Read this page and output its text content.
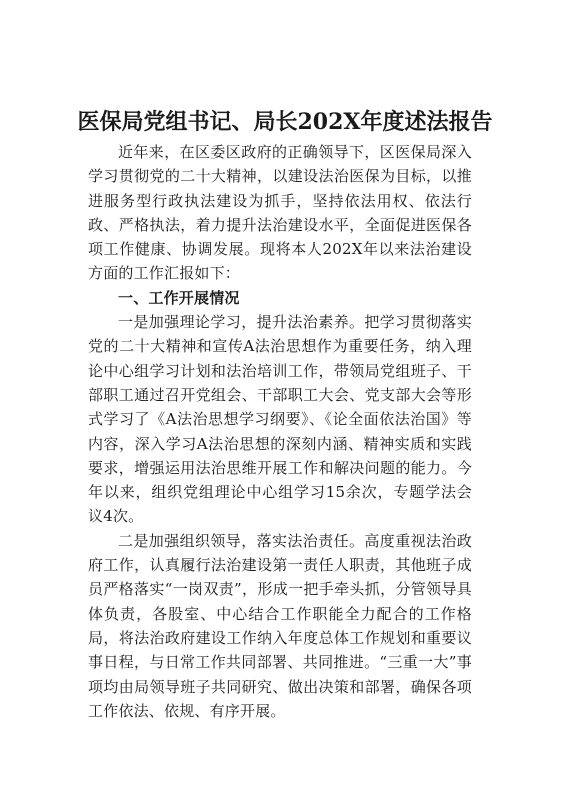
医保局党组书记、局长202X年度述法报告

近年来，在区委区政府的正确领导下，区医保局深入学习贯彻党的二十大精神，以建设法治医保为目标，以推进服务型行政执法建设为抓手，坚持依法用权、依法行政、严格执法，着力提升法治建设水平，全面促进医保各项工作健康、协调发展。现将本人202X年以来法治建设方面的工作汇报如下：

一、工作开展情况

一是加强理论学习，提升法治素养。把学习贯彻落实党的二十大精神和宣传A法治思想作为重要任务，纳入理论中心组学习计划和法治培训工作，带领局党组班子、干部职工通过召开党组会、干部职工大会、党支部大会等形式学习了《A法治思想学习纲要》、《论全面依法治国》等内容，深入学习A法治思想的深刻内涵、精神实质和实践要求，增强运用法治思维开展工作和解决问题的能力。今年以来，组织党组理论中心组学习15余次，专题学法会议4次。

二是加强组织领导，落实法治责任。高度重视法治政府工作，认真履行法治建设第一责任人职责，其他班子成员严格落实“一岗双责”，形成一把手牵头抓，分管领导具体负责，各股室、中心结合工作职能全力配合的工作格局，将法治政府建设工作纳入年度总体工作规划和重要议事日程，与日常工作共同部署、共同推进。“三重一大”事项均由局领导班子共同研究、做出决策和部署，确保各项工作依法、依规、有序开展。
